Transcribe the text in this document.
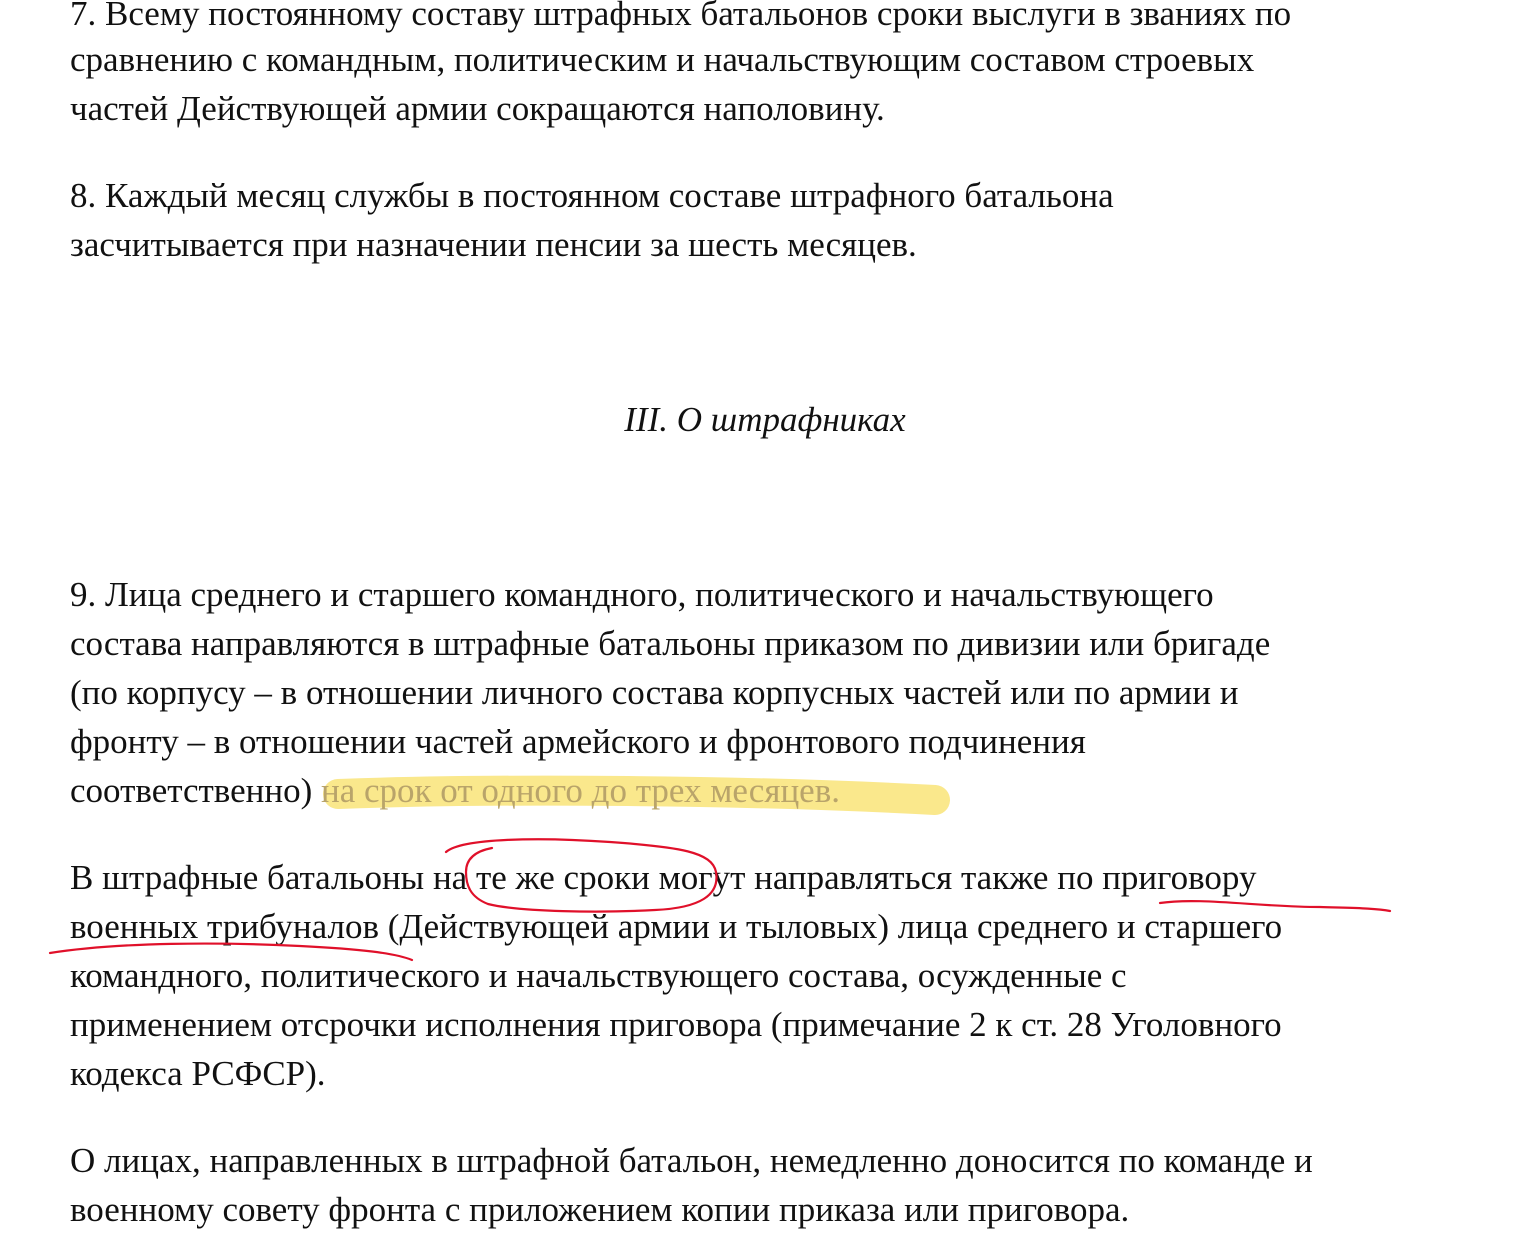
7. Всему постоянному составу штрафных батальонов сроки выслуги в званиях по

сравнению с командным, политическим и начальствующим составом строевых

частей Действующей армии сокращаются наполовину.

8. Каждый месяц службы в постоянном составе штрафного батальона

засчитывается при назначении пенсии за шесть месяцев.

III. О штрафниках

9. Лица среднего и старшего командного, политического и начальствующего

состава направляются в штрафные батальоны приказом по дивизии или бригаде

(по корпусу – в отношении личного состава корпусных частей или по армии и

фронту – в отношении частей армейского и фронтового подчинения

соответственно) на срок от одного до трех месяцев.

В штрафные батальоны на те же сроки могут направляться также по приговору

военных трибуналов (Действующей армии и тыловых) лица среднего и старшего

командного, политического и начальствующего состава, осужденные с

применением отсрочки исполнения приговора (примечание 2 к ст. 28 Уголовного

кодекса РСФСР).

О лицах, направленных в штрафной батальон, немедленно доносится по команде и

военному совету фронта с приложением копии приказа или приговора.
